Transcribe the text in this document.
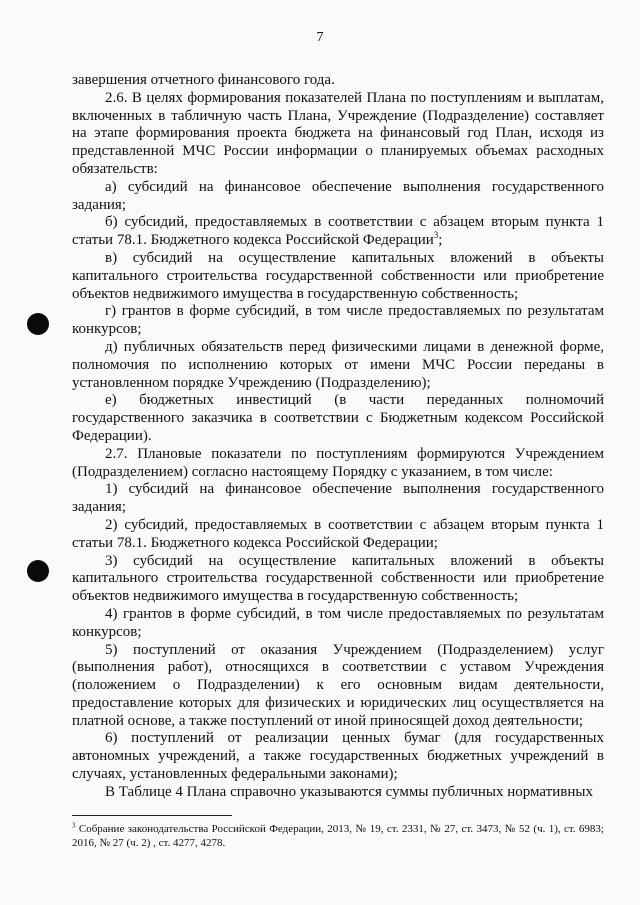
7

завершения отчетного финансового года.

2.6. В целях формирования показателей Плана по поступлениям и выплатам, включенных в табличную часть Плана, Учреждение (Подразделение) составляет на этапе формирования проекта бюджета на финансовый год План, исходя из представленной МЧС России информации о планируемых объемах расходных обязательств:

а) субсидий на финансовое обеспечение выполнения государственного задания;

б) субсидий, предоставляемых в соответствии с абзацем вторым пункта 1 статьи 78.1. Бюджетного кодекса Российской Федерации$^3$;

в) субсидий на осуществление капитальных вложений в объекты капитального строительства государственной собственности или приобретение объектов недвижимого имущества в государственную собственность;

г) грантов в форме субсидий, в том числе предоставляемых по результатам конкурсов;

д) публичных обязательств перед физическими лицами в денежной форме, полномочия по исполнению которых от имени МЧС России переданы в установленном порядке Учреждению (Подразделению);

е) бюджетных инвестиций (в части переданных полномочий государственного заказчика в соответствии с Бюджетным кодексом Российской Федерации).

2.7. Плановые показатели по поступлениям формируются Учреждением (Подразделением) согласно настоящему Порядку с указанием, в том числе:

1) субсидий на финансовое обеспечение выполнения государственного задания;

2) субсидий, предоставляемых в соответствии с абзацем вторым пункта 1 статьи 78.1. Бюджетного кодекса Российской Федерации;

3) субсидий на осуществление капитальных вложений в объекты капитального строительства государственной собственности или приобретение объектов недвижимого имущества в государственную собственность;

4) грантов в форме субсидий, в том числе предоставляемых по результатам конкурсов;

5) поступлений от оказания Учреждением (Подразделением) услуг (выполнения работ), относящихся в соответствии с уставом Учреждения (положением о Подразделении) к его основным видам деятельности, предоставление которых для физических и юридических лиц осуществляется на платной основе, а также поступлений от иной приносящей доход деятельности;

6) поступлений от реализации ценных бумаг (для государственных автономных учреждений, а также государственных бюджетных учреждений в случаях, установленных федеральными законами);

В Таблице 4 Плана справочно указываются суммы публичных нормативных

$^3$ Собрание законодательства Российской Федерации, 2013, № 19, ст. 2331, № 27, ст. 3473, № 52 (ч. 1), ст. 6983; 2016, № 27 (ч. 2) , ст. 4277, 4278.
